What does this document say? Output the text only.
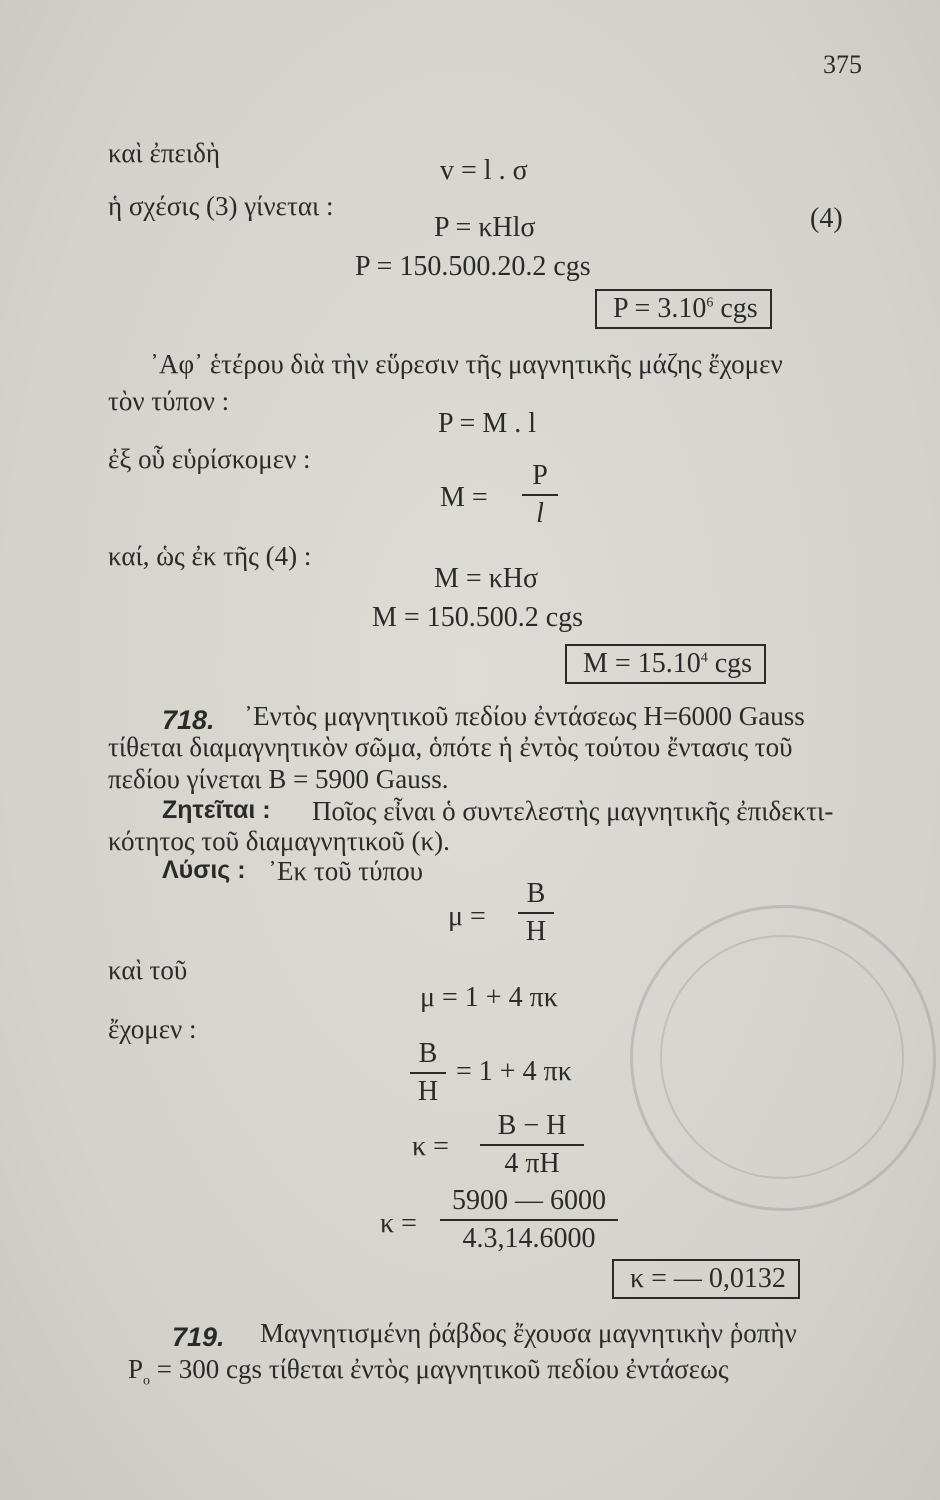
375
καὶ ἐπειδὴ
v = l . σ
ἡ σχέσις (3) γίνεται :
P = κHlσ	(4)
P = 150.500.20.2 cgs
$P = 3.10^6$ cgs
᾿Αφ᾿ ἑτέρου διὰ τὴν εὕρεσιν τῆς μαγνητικῆς μάζης ἔχομεν
τὸν τύπον :
P = M . l
ἐξ οὗ εὑρίσκομεν :
M =
P
l
καί, ὡς ἐκ τῆς (4) :
M = κHσ
M = 150.500.2 cgs
$M = 15.10^4$ cgs
718. ᾿Εντὸς μαγνητικοῦ πεδίου ἐντάσεως H=6000 Gauss
τίθεται διαμαγνητικὸν σῶμα, ὁπότε ἡ ἐντὸς τούτου ἔντασις τοῦ
πεδίου γίνεται B = 5900 Gauss.
Ζητεῖται : Ποῖος εἶναι ὁ συντελεστὴς μαγνητικῆς ἐπιδεκτι-
κότητος τοῦ διαμαγνητικοῦ (κ).
Λύσις : ᾿Εκ τοῦ τύπου
μ =
B
H
καὶ τοῦ
μ = 1 + 4 πκ
ἔχομεν :
B
H
= 1 + 4 πκ
κ =
B − H
4 πH
κ =
5900 — 6000
4.3,14.6000
κ = — 0,0132
719. Μαγνητισμένη ῥάβδος ἔχουσα μαγνητικὴν ῥοπὴν
$P_o = 300$ cgs τίθεται ἐντὸς μαγνητικοῦ πεδίου ἐντάσεως
